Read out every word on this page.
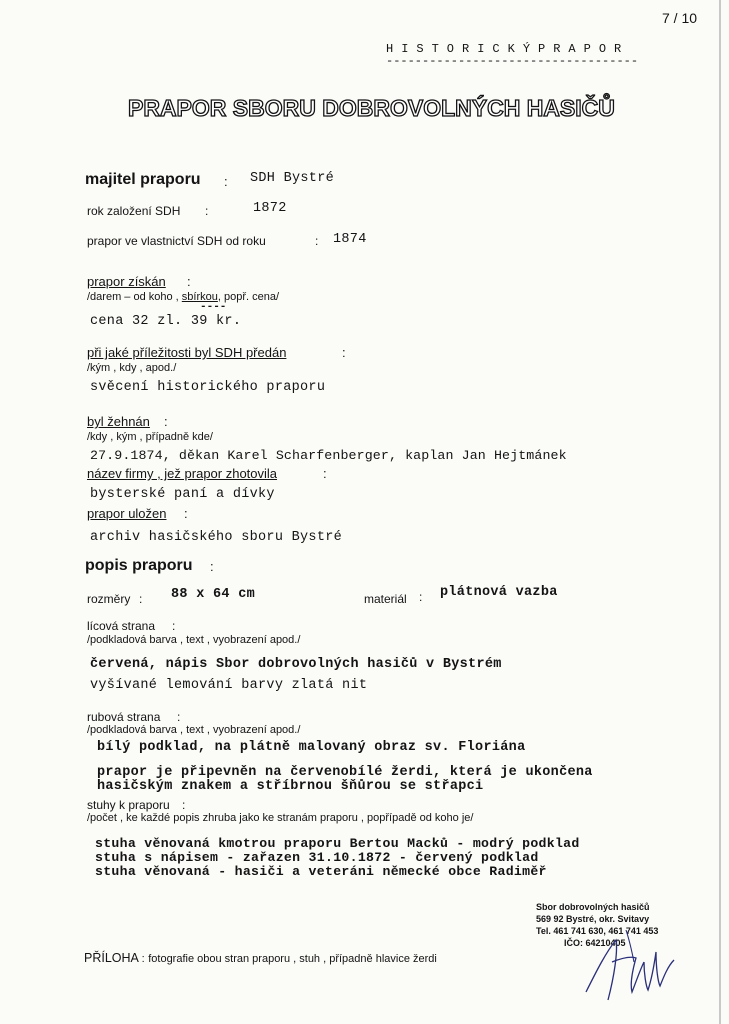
7 / 10
H I S T O R I C K Ý P R A P O R
-----------------------------------
PRAPOR SBORU DOBROVOLNÝCH HASIČŮ
majitel praporu : SDH Bystré
rok založení SDH :	1872
prapor ve vlastnictví SDH od roku	: 1874
prapor získán :
/darem – od koho , sbírkou, popř. cena/
----
cena 32 zl. 39 kr.
při jaké příležitosti byl SDH předán	:
/kým , kdy , apod./
svěcení historického praporu
byl žehnán :
/kdy , kým , případně kde/
27.9.1874, děkan Karel Scharfenberger, kaplan Jan Hejtmánek
název firmy , jež prapor zhotovila	:
bysterské paní a dívky
prapor uložen :
archiv hasičského sboru Bystré
popis praporu :
rozměry : 88 x 64 cm	materiál : plátnová vazba
lícová strana :
/podkladová barva , text , vyobrazení apod./
červená, nápis Sbor dobrovolných hasičů v Bystrém
vyšívané lemování barvy zlatá nit
rubová strana :
/podkladová barva , text , vyobrazení apod./
bílý podklad, na plátně malovaný obraz sv. Floriána
prapor je připevněn na červenobílé žerdi, která je ukončena
hasičským znakem a stříbrnou šňůrou se střapci
stuhy k praporu :
/počet , ke každé popis zhruba jako ke stranám praporu , popřípadě od koho je/
stuha věnovaná kmotrou praporu Bertou Macků - modrý podklad
stuha s nápisem - zařazen 31.10.1872 - červený podklad
stuha věnovaná - hasiči a veteráni německé obce Radiměř
Sbor dobrovolných hasičů
569 92 Bystré, okr. Svitavy
Tel. 461 741 630, 461 741 453
IČO: 64210405
PŘÍLOHA : fotografie obou stran praporu , stuh , případně hlavice žerdi
